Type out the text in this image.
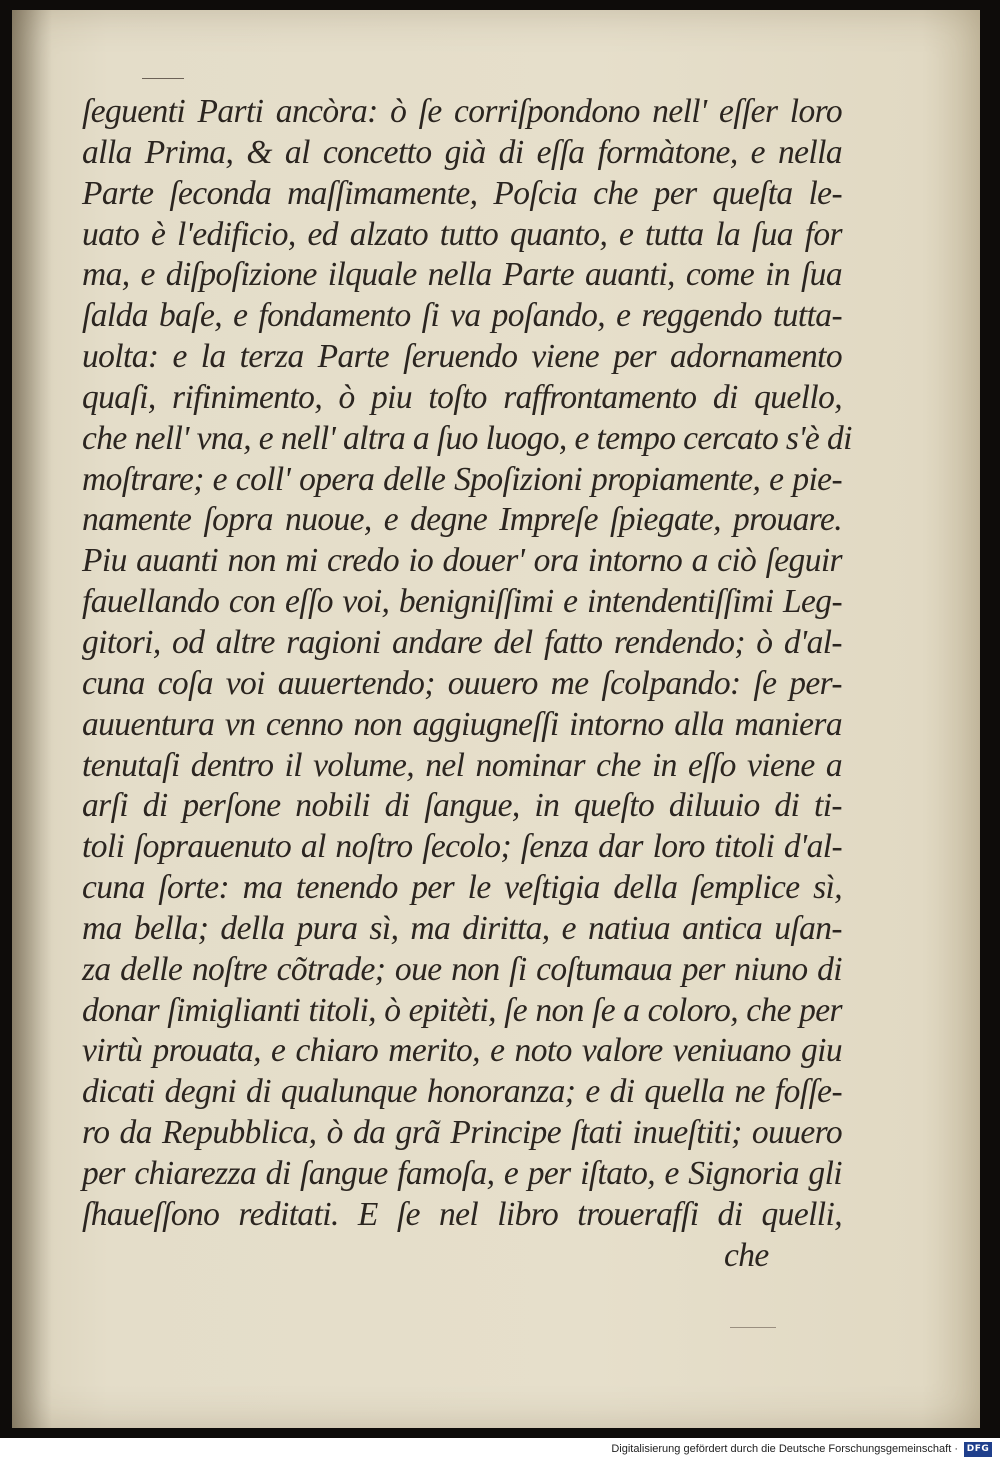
ſeguenti Parti ancòra: ò ſe corriſpondono nell' eſſer loro
alla Prima, & al concetto già di eſſa formàtone, e nella
Parte ſeconda maſſimamente, Poſcia che per queſta le-
uato è l'edificio, ed alzato tutto quanto, e tutta la ſua for
ma, e diſpoſizione ilquale nella Parte auanti, come in ſua
ſalda baſe, e fondamento ſi va poſando, e reggendo tutta-
uolta: e la terza Parte ſeruendo viene per adornamento
quaſi, rifinimento, ò piu toſto raffrontamento di quello,
che nell' vna, e nell' altra a ſuo luogo, e tempo cercato s'è di
moſtrare; e coll' opera delle Spoſizioni propiamente, e pie-
namente ſopra nuoue, e degne Impreſe ſpiegate, prouare.
Piu auanti non mi credo io douer' ora intorno a ciò ſeguir
fauellando con eſſo voi, benigniſſimi e intendentiſſimi Leg-
gitori, od altre ragioni andare del fatto rendendo; ò d'al-
cuna coſa voi auuertendo; ouuero me ſcolpando: ſe per-
auuentura vn cenno non aggiugneſſi intorno alla maniera
tenutaſi dentro il volume, nel nominar che in eſſo viene a
arſi di perſone nobili di ſangue, in queſto diluuio di ti-
toli ſoprauenuto al noſtro ſecolo; ſenza dar loro titoli d'al-
cuna ſorte: ma tenendo per le veſtigia della ſemplice sì,
ma bella; della pura sì, ma diritta, e natiua antica uſan-
za delle noſtre cõtrade; oue non ſi coſtumaua per niuno di
donar ſimiglianti titoli, ò epitèti, ſe non ſe a coloro, che per
virtù prouata, e chiaro merito, e noto valore veniuano giu
dicati degni di qualunque honoranza; e di quella ne foſſe-
ro da Repubblica, ò da grã Principe ſtati inueſtiti; ouuero
per chiarezza di ſangue famoſa, e per iſtato, e Signoria gli
ſhaueſſono reditati. E ſe nel libro trouerafſi di quelli,
che
Digitalisierung gefördert durch die Deutsche Forschungsgemeinschaft · DFG
